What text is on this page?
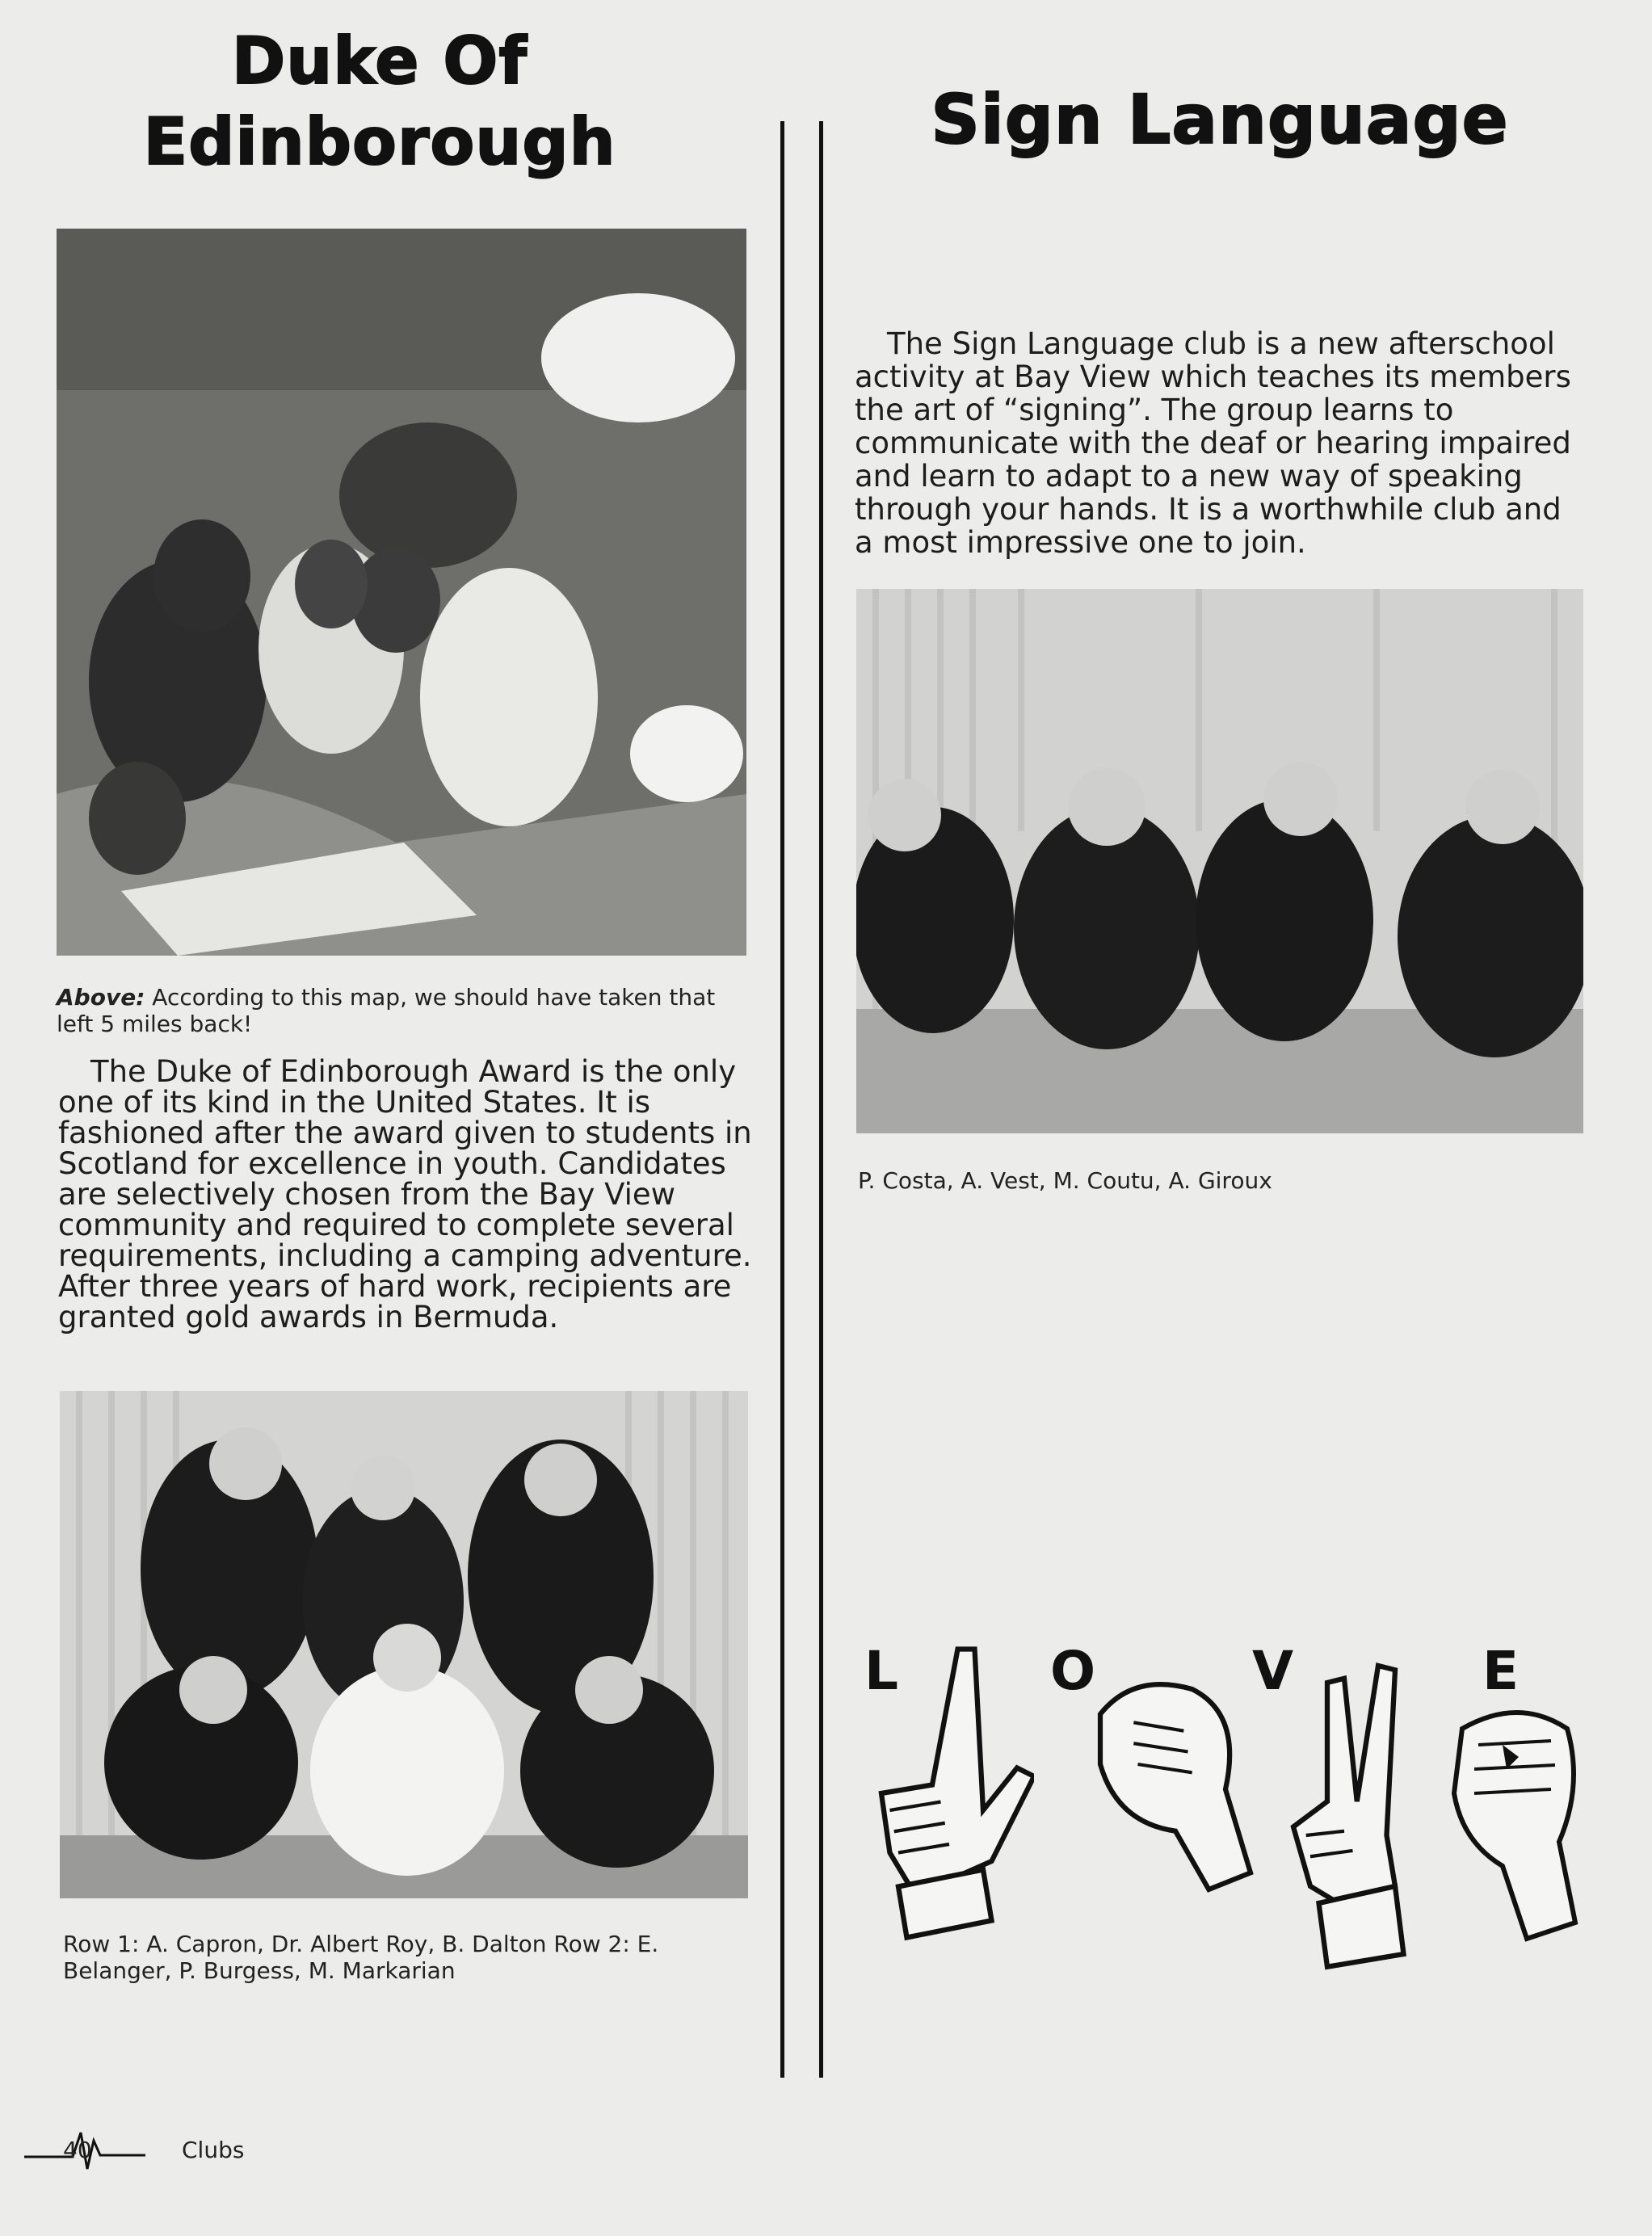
Duke Of
Edinborough
Above: According to this map, we should have taken that left 5 miles back!
The Duke of Edinborough Award is the only one of its kind in the United States. It is fashioned after the award given to students in Scotland for excellence in youth. Candidates are selectively chosen from the Bay View community and required to complete several requirements, including a camping adventure. After three years of hard work, recipients are granted gold awards in Bermuda.
Row 1: A. Capron, Dr. Albert Roy, B. Dalton Row 2: E. Belanger, P. Burgess, M. Markarian
Sign Language
The Sign Language club is a new afterschool activity at Bay View which teaches its members the art of “signing”. The group learns to communicate with the deaf or hearing impaired and learn to adapt to a new way of speaking through your hands. It is a worthwhile club and a most impressive one to join.
P. Costa, A. Vest, M. Coutu, A. Giroux
L	O	V	E
40	Clubs
